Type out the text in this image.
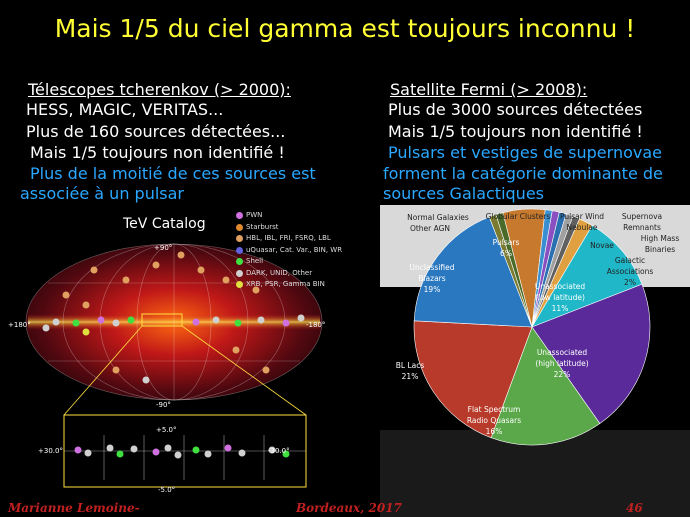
Mais 1/5 du ciel gamma est toujours inconnu !
Télescopes tcherenkov (> 2000):
HESS, MAGIC, VERITAS...
Plus de 160 sources détectées...
Mais 1/5 toujours non identifié !
Plus de la moitié de ces sources est
associée à un pulsar
Satellite Fermi (> 2008):
Plus de 3000 sources détectées
Mais 1/5 toujours non identifié !
Pulsars et vestiges de supernovae
forment la catégorie dominante de
sources Galactiques
+90°
-90°
+180°	-180°
+5.0°
-5.0°
+30.0°	-30.0°
TeV Catalog
PWN
Starburst
HBL, IBL, FRI, FSRQ, LBL
uQuasar, Cat. Var., BIN, WR
Shell
DARK, UNID, Other
XRB, PSR, Gamma BIN
Pulsars
6%
Unclassified
Blazars
19%
BL Lacs
21%
Flat Spectrum
Radio Quasars
16%
Unassociated
(high latitude)
22%
Unassociated
(low latitude)
11%
Normal Galaxies
Other AGN
Globular Clusters Pulsar Wind
Nebulae
Supernova
Remnants
Novae
High Mass
Binaries
Galactic
Associations
2%
Marianne Lemoine-	Bordeaux, 2017	46
